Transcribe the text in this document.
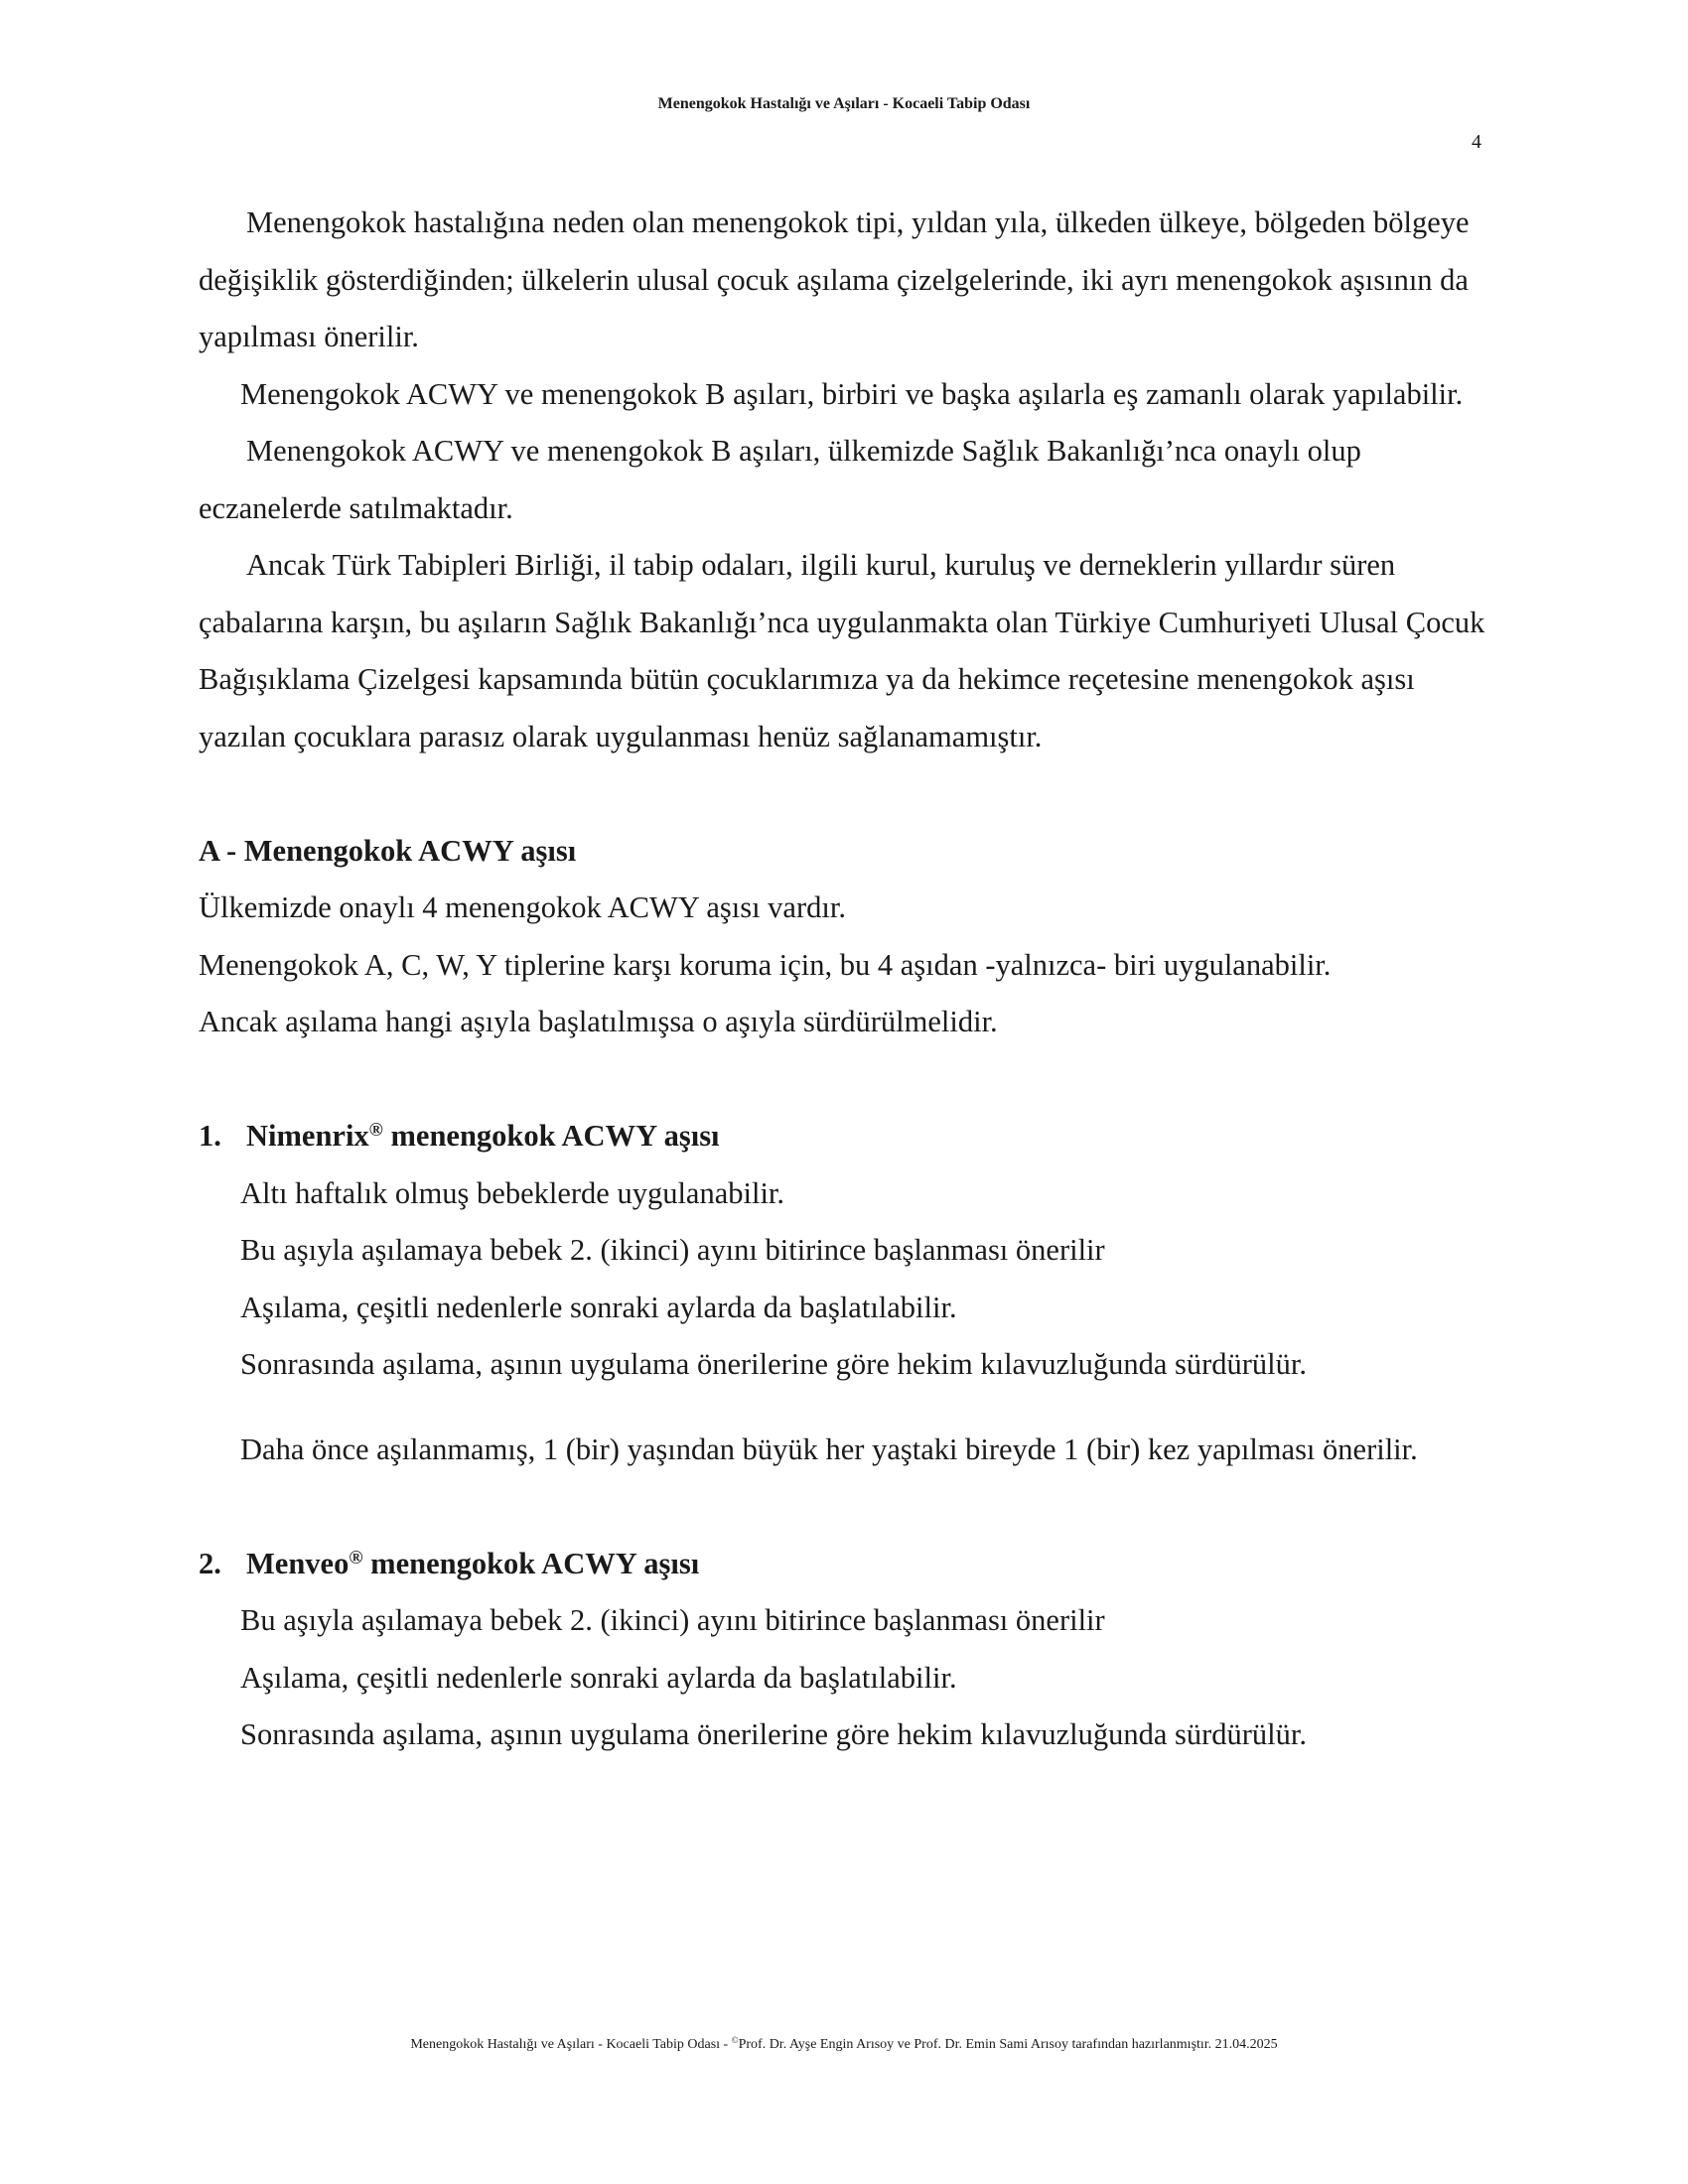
Menengokok Hastalığı ve Aşıları - Kocaeli Tabip Odası
4

Menengokok hastalığına neden olan menengokok tipi, yıldan yıla, ülkeden ülkeye, bölgeden bölgeye değişiklik gösterdiğinden; ülkelerin ulusal çocuk aşılama çizelgelerinde, iki ayrı menengokok aşısının da yapılması önerilir.

Menengokok ACWY ve menengokok B aşıları, birbiri ve başka aşılarla eş zamanlı olarak yapılabilir.

Menengokok ACWY ve menengokok B aşıları, ülkemizde Sağlık Bakanlığı’nca onaylı olup eczanelerde satılmaktadır.

Ancak Türk Tabipleri Birliği, il tabip odaları, ilgili kurul, kuruluş ve derneklerin yıllardır süren çabalarına karşın, bu aşıların Sağlık Bakanlığı’nca uygulanmakta olan Türkiye Cumhuriyeti Ulusal Çocuk Bağışıklama Çizelgesi kapsamında bütün çocuklarımıza ya da hekimce reçetesine menengokok aşısı yazılan çocuklara parasız olarak uygulanması henüz sağlanamamıştır.

A - Menengokok ACWY aşısı

Ülkemizde onaylı 4 menengokok ACWY aşısı vardır.

Menengokok A, C, W, Y tiplerine karşı koruma için, bu 4 aşıdan -yalnızca- biri uygulanabilir.

Ancak aşılama hangi aşıyla başlatılmışsa o aşıyla sürdürülmelidir.

1. Nimenrix® menengokok ACWY aşısı

Altı haftalık olmuş bebeklerde uygulanabilir.

Bu aşıyla aşılamaya bebek 2. (ikinci) ayını bitirince başlanması önerilir

Aşılama, çeşitli nedenlerle sonraki aylarda da başlatılabilir.

Sonrasında aşılama, aşının uygulama önerilerine göre hekim kılavuzluğunda sürdürülür.

Daha önce aşılanmamış, 1 (bir) yaşından büyük her yaştaki bireyde 1 (bir) kez yapılması önerilir.

2. Menveo® menengokok ACWY aşısı

Bu aşıyla aşılamaya bebek 2. (ikinci) ayını bitirince başlanması önerilir

Aşılama, çeşitli nedenlerle sonraki aylarda da başlatılabilir.

Sonrasında aşılama, aşının uygulama önerilerine göre hekim kılavuzluğunda sürdürülür.

Menengokok Hastalığı ve Aşıları - Kocaeli Tabip Odası - ©Prof. Dr. Ayşe Engin Arısoy ve Prof. Dr. Emin Sami Arısoy tarafından hazırlanmıştır. 21.04.2025
